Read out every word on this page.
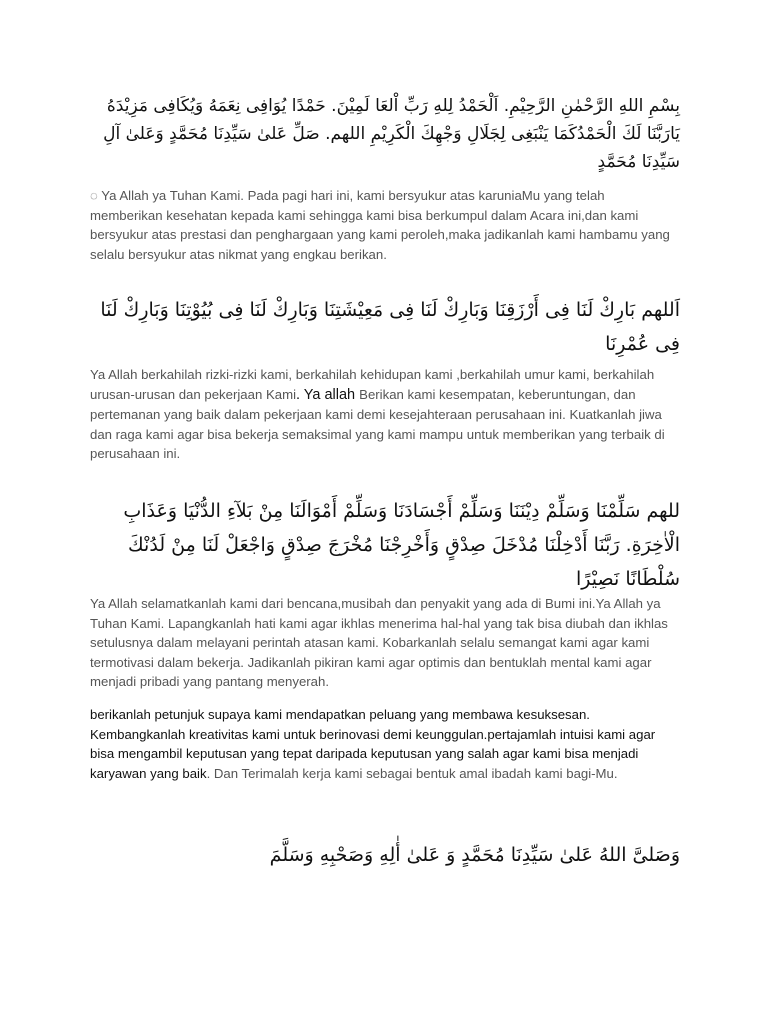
بِسْمِ اللهِ الرَّحْمٰنِ الرَّحِيْمِ. اَلْحَمْدُ لِلهِ رَبِّ اْلعَا لَمِيْنَ. حَمْدًا يُوَافِى نِعَمَهُ وَيُكَافِى مَزِيْدَهُ يَارَبَّنَا لَكَ الْحَمْدُكَمَا يَنْبَغِى لِجَلَالِ وَجْهِكَ الْكَرِيْمِ اللهم. صَلِّ عَلىٰ سَيِّدِنَا مُحَمَّدٍ وَعَلىٰ آلِ سَيِّدِنَا مُحَمَّدٍ

◌ Ya Allah ya Tuhan Kami. Pada pagi hari ini, kami bersyukur atas karuniaMu yang telah memberikan kesehatan kepada kami sehingga kami bisa berkumpul dalam Acara ini,dan kami bersyukur atas prestasi dan penghargaan yang kami peroleh,maka jadikanlah kami hambamu yang selalu bersyukur atas nikmat yang engkau berikan.

اَللهم بَارِكْ لَنَا فِى أَرْزَقِنَا وَبَارِكْ لَنَا فِى مَعِيْشَتِنَا وَبَارِكْ لَنَا فِى بُيُوْتِنَا وَبَارِكْ لَنَا فِى عُمْرِنَا

Ya Allah berkahilah rizki-rizki kami, berkahilah kehidupan kami ,berkahilah umur kami, berkahilah urusan-urusan dan pekerjaan Kami. Ya allah Berikan kami kesempatan, keberuntungan, dan pertemanan yang baik dalam pekerjaan kami demi kesejahteraan perusahaan ini. Kuatkanlah jiwa dan raga kami agar bisa bekerja semaksimal yang kami mampu untuk memberikan yang terbaik di perusahaan ini.

للهم سَلِّمْنَا وَسَلِّمْ دِيْنَنَا وَسَلِّمْ أَجْسَادَنَا وَسَلِّمْ أَمْوَالَنَا مِنْ بَلآءِ الدُّنْيَا وَعَذَابِ الْاٰخِرَةِ. رَبَّنَا أَدْخِلْنَا مُدْخَلَ صِدْقٍ وَأَخْرِجْنَا مُخْرَجَ صِدْقٍ وَاجْعَلْ لَنَا مِنْ لَدُنْكَ سُلْطَانًا نَصِيْرًا

Ya Allah selamatkanlah kami dari bencana,musibah dan penyakit yang ada di Bumi ini.Ya Allah ya Tuhan Kami. Lapangkanlah hati kami agar ikhlas menerima hal-hal yang tak bisa diubah dan ikhlas setulusnya dalam melayani perintah atasan kami. Kobarkanlah selalu semangat kami agar kami termotivasi dalam bekerja. Jadikanlah pikiran kami agar optimis dan bentuklah mental kami agar menjadi pribadi yang pantang menyerah.

berikanlah petunjuk supaya kami mendapatkan peluang yang membawa kesuksesan. Kembangkanlah kreativitas kami untuk berinovasi demi keunggulan.pertajamlah intuisi kami agar bisa mengambil keputusan yang tepat daripada keputusan yang salah agar kami bisa menjadi karyawan yang baik. Dan Terimalah kerja kami sebagai bentuk amal ibadah kami bagi-Mu.

وَصَلىَّ اللهُ عَلىٰ سَيِّدِنَا مُحَمَّدٍ وَ عَلىٰ أٰلِهِ وَصَحْبِهِ وَسَلَّمَ
